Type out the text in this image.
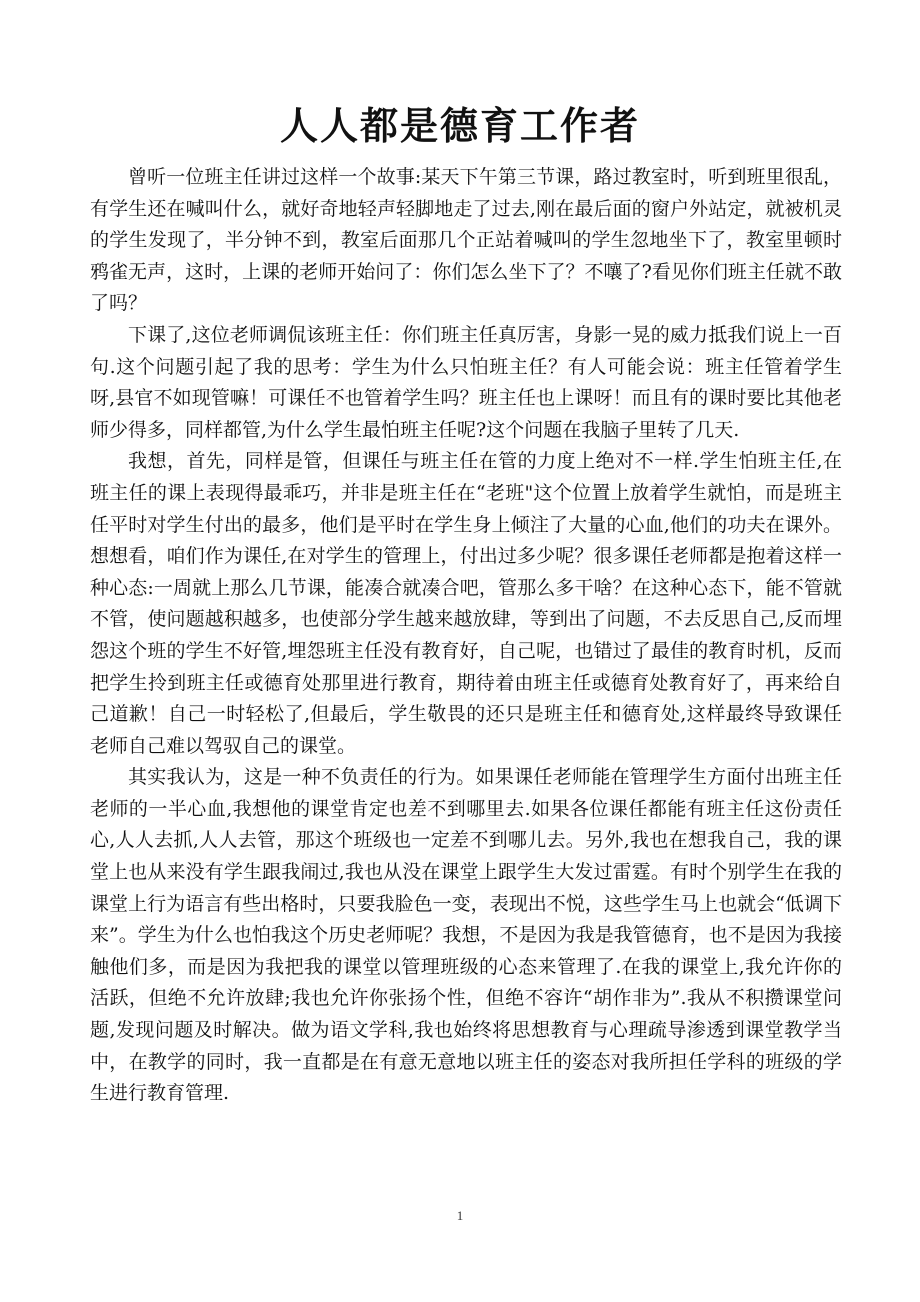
人人都是德育工作者

曾听一位班主任讲过这样一个故事:某天下午第三节课，路过教室时，听到班里很乱，有学生还在喊叫什么，就好奇地轻声轻脚地走了过去,刚在最后面的窗户外站定，就被机灵的学生发现了，半分钟不到，教室后面那几个正站着喊叫的学生忽地坐下了，教室里顿时鸦雀无声，这时，上课的老师开始问了：你们怎么坐下了？不嚷了?看见你们班主任就不敢了吗？

下课了,这位老师调侃该班主任：你们班主任真厉害，身影一晃的威力抵我们说上一百句.这个问题引起了我的思考：学生为什么只怕班主任？有人可能会说：班主任管着学生呀,县官不如现管嘛！可课任不也管着学生吗？班主任也上课呀！而且有的课时要比其他老师少得多，同样都管,为什么学生最怕班主任呢?这个问题在我脑子里转了几天.

我想，首先，同样是管，但课任与班主任在管的力度上绝对不一样.学生怕班主任,在班主任的课上表现得最乖巧，并非是班主任在“老班"这个位置上放着学生就怕，而是班主任平时对学生付出的最多，他们是平时在学生身上倾注了大量的心血,他们的功夫在课外。想想看，咱们作为课任,在对学生的管理上，付出过多少呢？很多课任老师都是抱着这样一种心态:一周就上那么几节课，能凑合就凑合吧，管那么多干啥？在这种心态下，能不管就不管，使问题越积越多，也使部分学生越来越放肆，等到出了问题，不去反思自己,反而埋怨这个班的学生不好管,埋怨班主任没有教育好，自己呢，也错过了最佳的教育时机，反而把学生拎到班主任或德育处那里进行教育，期待着由班主任或德育处教育好了，再来给自己道歉！自己一时轻松了,但最后，学生敬畏的还只是班主任和德育处,这样最终导致课任老师自己难以驾驭自己的课堂。

其实我认为，这是一种不负责任的行为。如果课任老师能在管理学生方面付出班主任老师的一半心血,我想他的课堂肯定也差不到哪里去.如果各位课任都能有班主任这份责任心,人人去抓,人人去管，那这个班级也一定差不到哪儿去。另外,我也在想我自己，我的课堂上也从来没有学生跟我闹过,我也从没在课堂上跟学生大发过雷霆。有时个别学生在我的课堂上行为语言有些出格时，只要我脸色一变，表现出不悦，这些学生马上也就会“低调下来”。学生为什么也怕我这个历史老师呢？我想，不是因为我是我管德育，也不是因为我接触他们多，而是因为我把我的课堂以管理班级的心态来管理了.在我的课堂上,我允许你的活跃，但绝不允许放肆;我也允许你张扬个性，但绝不容许“胡作非为”.我从不积攒课堂问题,发现问题及时解决。做为语文学科,我也始终将思想教育与心理疏导渗透到课堂教学当中，在教学的同时，我一直都是在有意无意地以班主任的姿态对我所担任学科的班级的学生进行教育管理.

1
